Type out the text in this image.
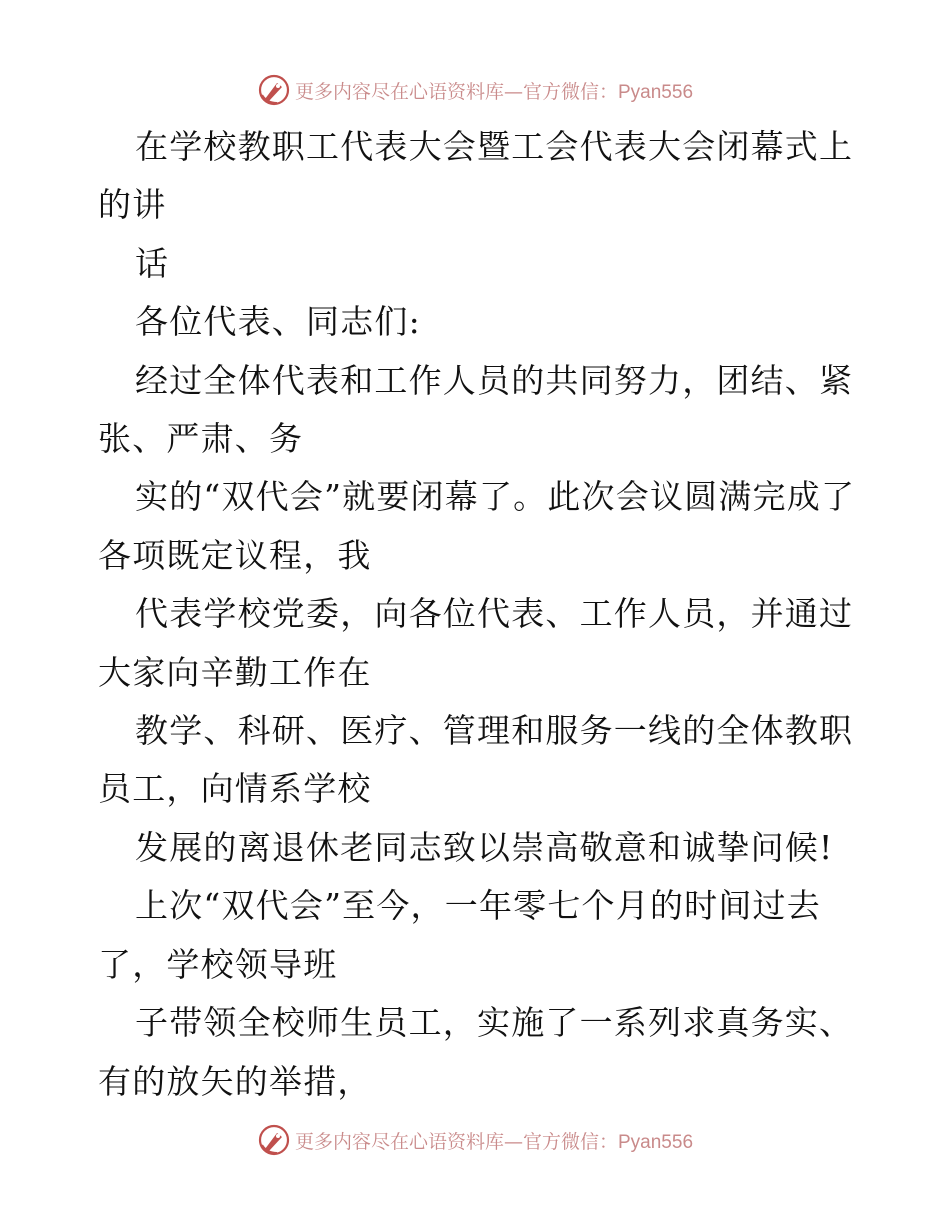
更多内容尽在心语资料库—官方微信：Pyan556

在学校教职工代表大会暨工会代表大会闭幕式上的讲

话

各位代表、同志们:

经过全体代表和工作人员的共同努力，团结、紧张、严肃、务

实的“双代会”就要闭幕了。此次会议圆满完成了各项既定议程，我

代表学校党委，向各位代表、工作人员，并通过大家向辛勤工作在

教学、科研、医疗、管理和服务一线的全体教职员工，向情系学校

发展的离退休老同志致以崇高敬意和诚挚问候!

上次“双代会”至今，一年零七个月的时间过去了，学校领导班

子带领全校师生员工，实施了一系列求真务实、有的放矢的举措，

更多内容尽在心语资料库—官方微信：Pyan556
